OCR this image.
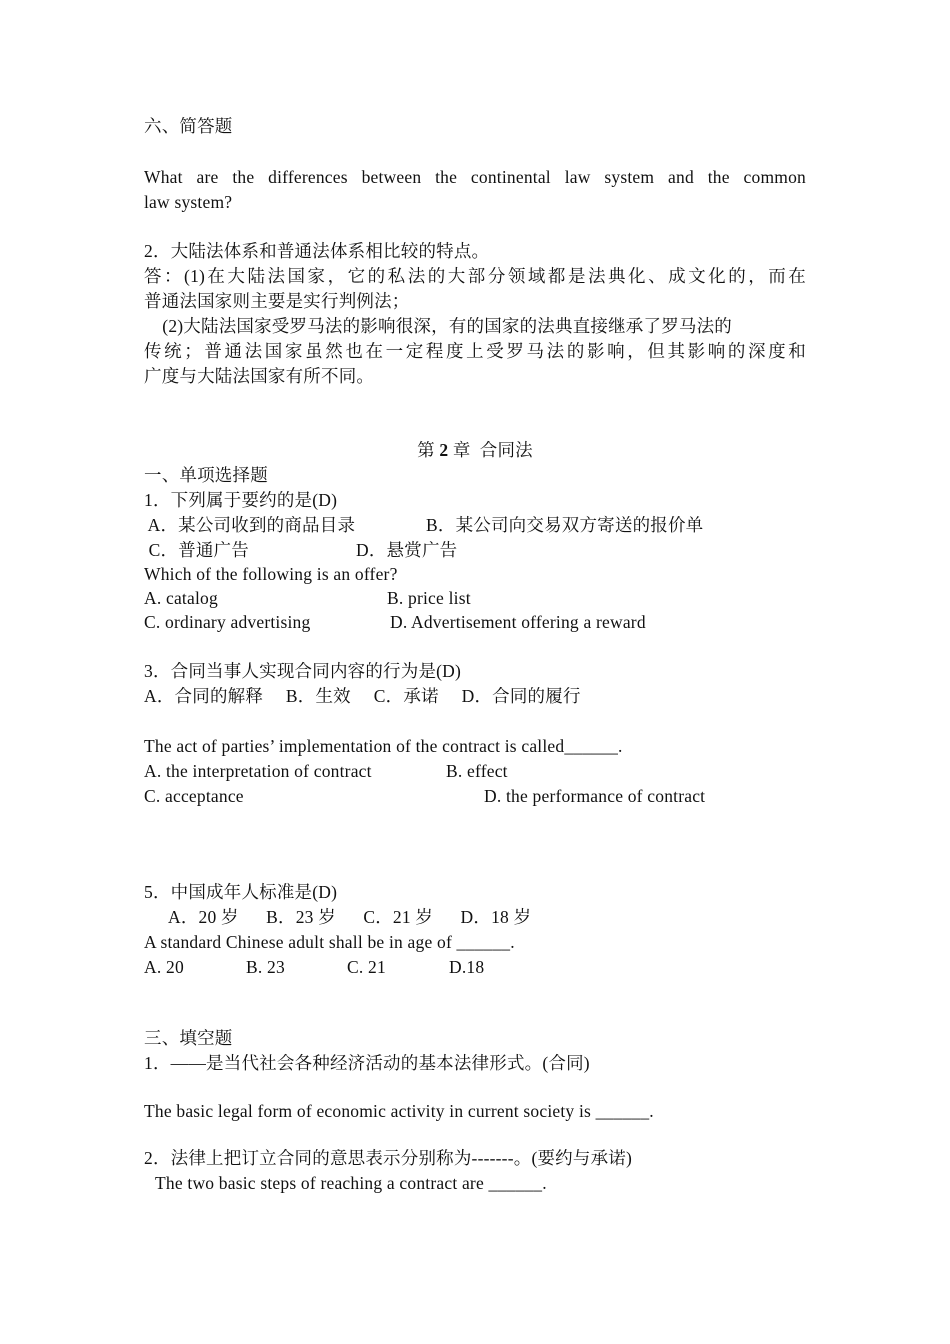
六、简答题
What are the differences between the continental law system and the common
law system?
2．大陆法体系和普通法体系相比较的特点。
答：(1)在大陆法国家，它的私法的大部分领域都是法典化、成文化的，而在
普通法国家则主要是实行判例法；
(2)大陆法国家受罗马法的影响很深，有的国家的法典直接继承了罗马法的
传统；普通法国家虽然也在一定程度上受罗马法的影响，但其影响的深度和
广度与大陆法国家有所不同。
第 2 章  合同法
一、单项选择题
1．下列属于要约的是(D)
A．某公司收到的商品目录	B．某公司向交易双方寄送的报价单
C．普通广告	D．悬赏广告
Which of the following is an offer?
A. catalog	B. price list
C. ordinary advertising	D. Advertisement offering a reward
3．合同当事人实现合同内容的行为是(D)
A．合同的解释     B．生效     C．承诺     D．合同的履行
The act of parties’ implementation of the contract is called______.
A. the interpretation of contract	B. effect
C. acceptance	D. the performance of contract
5．中国成年人标准是(D)
A．20 岁      B．23 岁      C．21 岁      D．18 岁
A standard Chinese adult shall be in age of ______.
A. 20	B. 23	C. 21	D.18
三、填空题
1．——是当代社会各种经济活动的基本法律形式。(合同)
The basic legal form of economic activity in current society is ______.
2．法律上把订立合同的意思表示分别称为-------。(要约与承诺)
The two basic steps of reaching a contract are ______.
